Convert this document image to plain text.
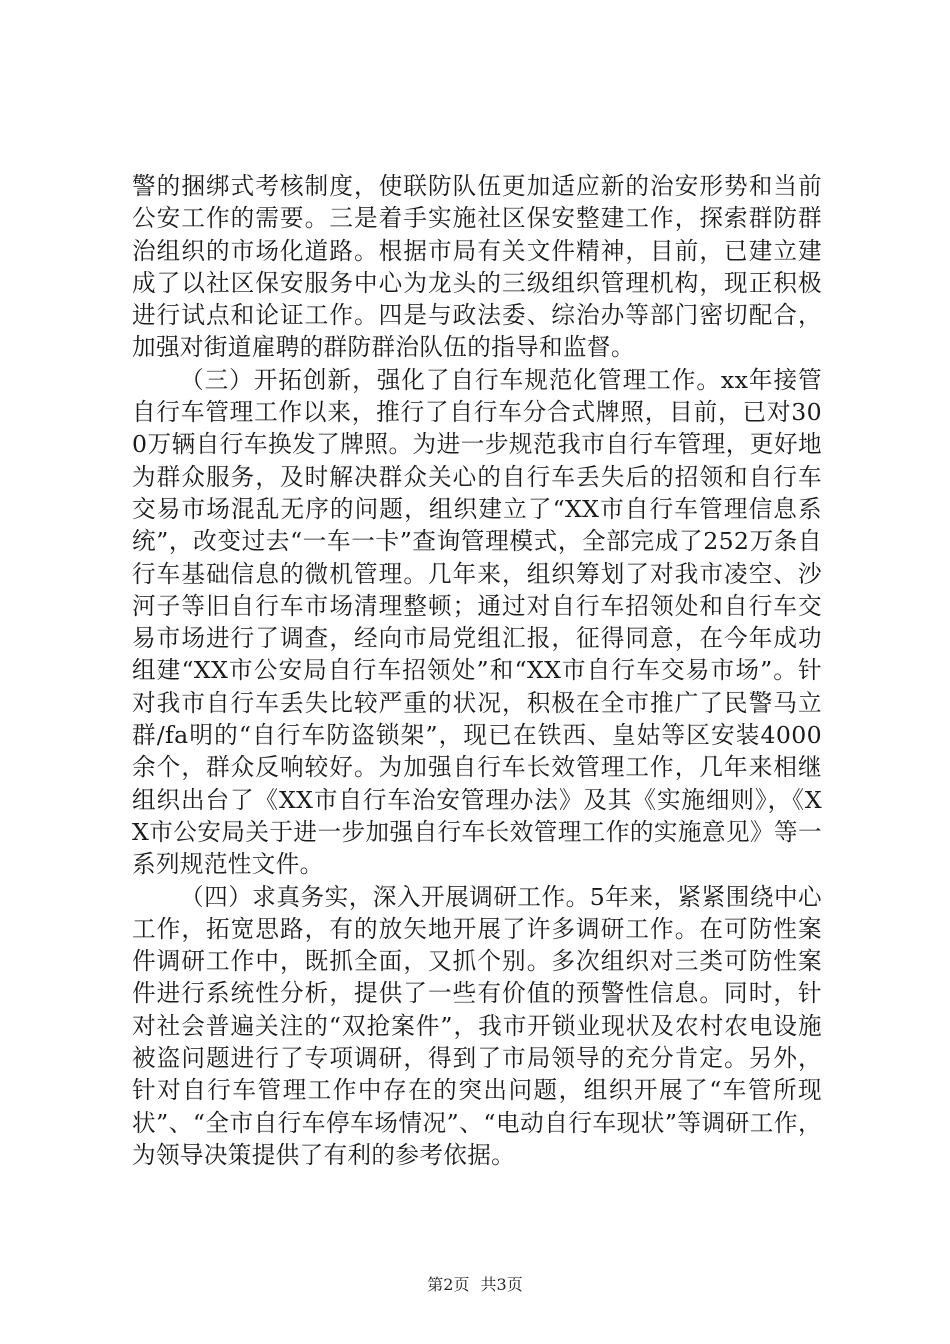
警的捆绑式考核制度，使联防队伍更加适应新的治安形势和当前公安工作的需要。三是着手实施社区保安整建工作，探索群防群治组织的市场化道路。根据市局有关文件精神，目前，已建立建成了以社区保安服务中心为龙头的三级组织管理机构，现正积极进行试点和论证工作。四是与政法委、综治办等部门密切配合，加强对街道雇聘的群防群治队伍的指导和监督。

（三）开拓创新，强化了自行车规范化管理工作。xx年接管自行车管理工作以来，推行了自行车分合式牌照，目前，已对300万辆自行车换发了牌照。为进一步规范我市自行车管理，更好地为群众服务，及时解决群众关心的自行车丢失后的招领和自行车交易市场混乱无序的问题，组织建立了“XX市自行车管理信息系统”，改变过去“一车一卡”查询管理模式，全部完成了252万条自行车基础信息的微机管理。几年来，组织筹划了对我市凌空、沙河子等旧自行车市场清理整顿；通过对自行车招领处和自行车交易市场进行了调查，经向市局党组汇报，征得同意，在今年成功组建“XX市公安局自行车招领处”和“XX市自行车交易市场”。针对我市自行车丢失比较严重的状况，积极在全市推广了民警马立群/fa明的“自行车防盗锁架”，现已在铁西、皇姑等区安装4000余个，群众反响较好。为加强自行车长效管理工作，几年来相继组织出台了《XX市自行车治安管理办法》及其《实施细则》，《XX市公安局关于进一步加强自行车长效管理工作的实施意见》等一系列规范性文件。

（四）求真务实，深入开展调研工作。5年来，紧紧围绕中心工作，拓宽思路，有的放矢地开展了许多调研工作。在可防性案件调研工作中，既抓全面，又抓个别。多次组织对三类可防性案件进行系统性分析，提供了一些有价值的预警性信息。同时，针对社会普遍关注的“双抢案件”，我市开锁业现状及农村农电设施被盗问题进行了专项调研，得到了市局领导的充分肯定。另外，针对自行车管理工作中存在的突出问题，组织开展了“车管所现状”、“全市自行车停车场情况”、“电动自行车现状”等调研工作，为领导决策提供了有利的参考依据。

第2页 共3页
